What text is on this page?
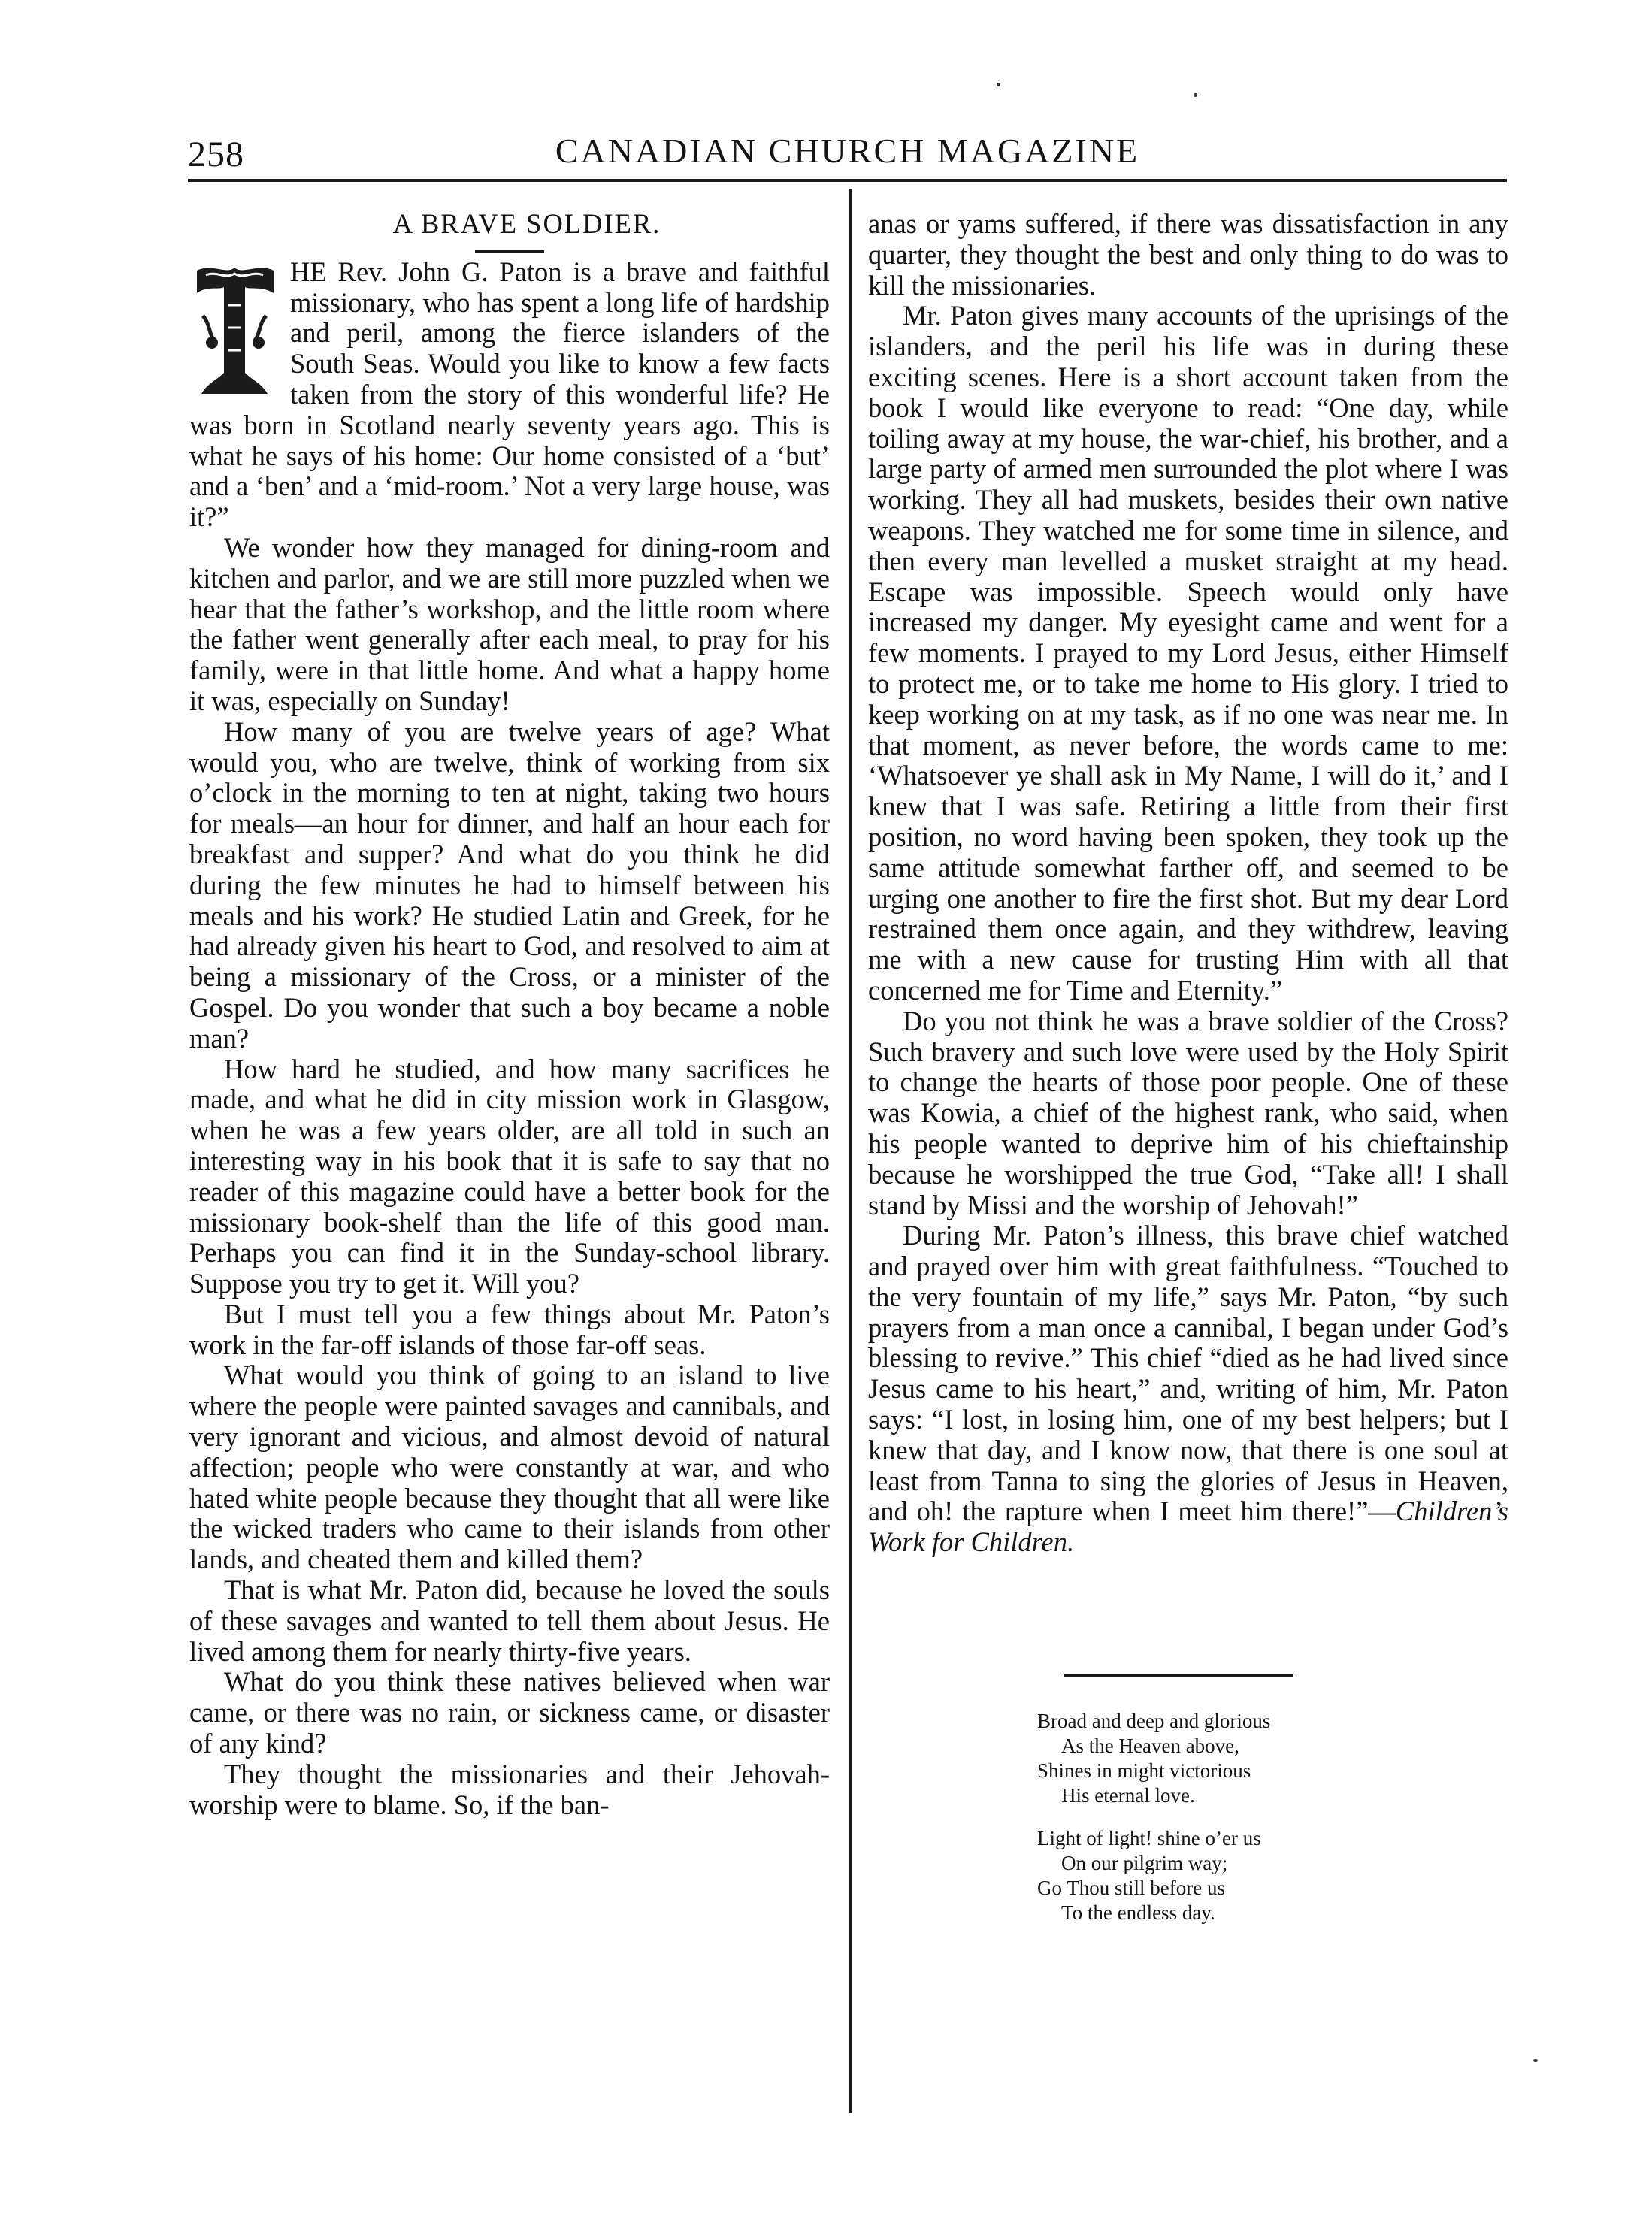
258	CANADIAN CHURCH MAGAZINE

A BRAVE SOLDIER.

HE Rev. John G. Paton is a brave and faithful missionary, who has spent a long life of hardship and peril, among the fierce islanders of the South Seas. Would you like to know a few facts taken from the story of this wonderful life? He was born in Scotland nearly seventy years ago. This is what he says of his home: Our home consisted of a ‘but’ and a ‘ben’ and a ‘mid-room.’ Not a very large house, was it?”

We wonder how they managed for dining-room and kitchen and parlor, and we are still more puzzled when we hear that the father’s workshop, and the little room where the father went generally after each meal, to pray for his family, were in that little home. And what a happy home it was, especially on Sunday!

How many of you are twelve years of age? What would you, who are twelve, think of working from six o’clock in the morning to ten at night, taking two hours for meals—an hour for dinner, and half an hour each for breakfast and supper? And what do you think he did during the few minutes he had to himself between his meals and his work? He studied Latin and Greek, for he had already given his heart to God, and resolved to aim at being a missionary of the Cross, or a minister of the Gospel. Do you wonder that such a boy became a noble man?

How hard he studied, and how many sacrifices he made, and what he did in city mission work in Glasgow, when he was a few years older, are all told in such an interesting way in his book that it is safe to say that no reader of this magazine could have a better book for the missionary book-shelf than the life of this good man. Perhaps you can find it in the Sunday-school library. Suppose you try to get it. Will you?

But I must tell you a few things about Mr. Paton’s work in the far-off islands of those far-off seas.

What would you think of going to an island to live where the people were painted savages and cannibals, and very ignorant and vicious, and almost devoid of natural affection; people who were constantly at war, and who hated white people because they thought that all were like the wicked traders who came to their islands from other lands, and cheated them and killed them?

That is what Mr. Paton did, because he loved the souls of these savages and wanted to tell them about Jesus. He lived among them for nearly thirty-five years.

What do you think these natives believed when war came, or there was no rain, or sickness came, or disaster of any kind?

They thought the missionaries and their Jehovah-worship were to blame. So, if the ban-

anas or yams suffered, if there was dissatisfaction in any quarter, they thought the best and only thing to do was to kill the missionaries.

Mr. Paton gives many accounts of the uprisings of the islanders, and the peril his life was in during these exciting scenes. Here is a short account taken from the book I would like everyone to read: “One day, while toiling away at my house, the war-chief, his brother, and a large party of armed men surrounded the plot where I was working. They all had muskets, besides their own native weapons. They watched me for some time in silence, and then every man levelled a musket straight at my head. Escape was impossible. Speech would only have increased my danger. My eyesight came and went for a few moments. I prayed to my Lord Jesus, either Himself to protect me, or to take me home to His glory. I tried to keep working on at my task, as if no one was near me. In that moment, as never before, the words came to me: ‘Whatsoever ye shall ask in My Name, I will do it,’ and I knew that I was safe. Retiring a little from their first position, no word having been spoken, they took up the same attitude somewhat farther off, and seemed to be urging one another to fire the first shot. But my dear Lord restrained them once again, and they withdrew, leaving me with a new cause for trusting Him with all that concerned me for Time and Eternity.”

Do you not think he was a brave soldier of the Cross? Such bravery and such love were used by the Holy Spirit to change the hearts of those poor people. One of these was Kowia, a chief of the highest rank, who said, when his people wanted to deprive him of his chieftainship because he worshipped the true God, “Take all! I shall stand by Missi and the worship of Jehovah!”

During Mr. Paton’s illness, this brave chief watched and prayed over him with great faithfulness. “Touched to the very fountain of my life,” says Mr. Paton, “by such prayers from a man once a cannibal, I began under God’s blessing to revive.” This chief “died as he had lived since Jesus came to his heart,” and, writing of him, Mr. Paton says: “I lost, in losing him, one of my best helpers; but I knew that day, and I know now, that there is one soul at least from Tanna to sing the glories of Jesus in Heaven, and oh! the rapture when I meet him there!”—Children’s Work for Children.

Broad and deep and glorious
As the Heaven above,
Shines in might victorious
His eternal love.
Light of light! shine o’er us
On our pilgrim way;
Go Thou still before us
To the endless day.
